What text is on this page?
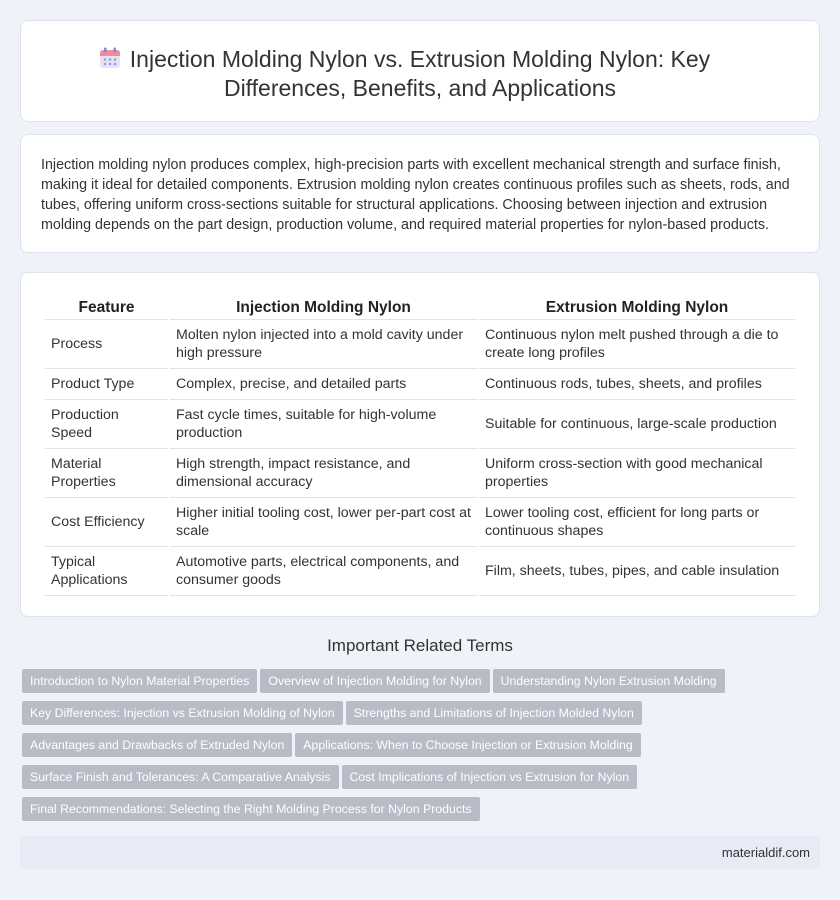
Injection Molding Nylon vs. Extrusion Molding Nylon: Key Differences, Benefits, and Applications

Injection molding nylon produces complex, high-precision parts with excellent mechanical strength and surface finish, making it ideal for detailed components. Extrusion molding nylon creates continuous profiles such as sheets, rods, and tubes, offering uniform cross-sections suitable for structural applications. Choosing between injection and extrusion molding depends on the part design, production volume, and required material properties for nylon-based products.

Feature	Injection Molding Nylon	Extrusion Molding Nylon
Process	Molten nylon injected into a mold cavity under high pressure	Continuous nylon melt pushed through a die to create long profiles
Product Type	Complex, precise, and detailed parts	Continuous rods, tubes, sheets, and profiles
Production Speed	Fast cycle times, suitable for high-volume production	Suitable for continuous, large-scale production
Material Properties	High strength, impact resistance, and dimensional accuracy	Uniform cross-section with good mechanical properties
Cost Efficiency	Higher initial tooling cost, lower per-part cost at scale	Lower tooling cost, efficient for long parts or continuous shapes
Typical Applications	Automotive parts, electrical components, and consumer goods	Film, sheets, tubes, pipes, and cable insulation
Important Related Terms
Introduction to Nylon Material Properties Overview of Injection Molding for Nylon Understanding Nylon Extrusion Molding
Key Differences: Injection vs Extrusion Molding of Nylon Strengths and Limitations of Injection Molded Nylon
Advantages and Drawbacks of Extruded Nylon Applications: When to Choose Injection or Extrusion Molding
Surface Finish and Tolerances: A Comparative Analysis Cost Implications of Injection vs Extrusion for Nylon
Final Recommendations: Selecting the Right Molding Process for Nylon Products
materialdif.com
